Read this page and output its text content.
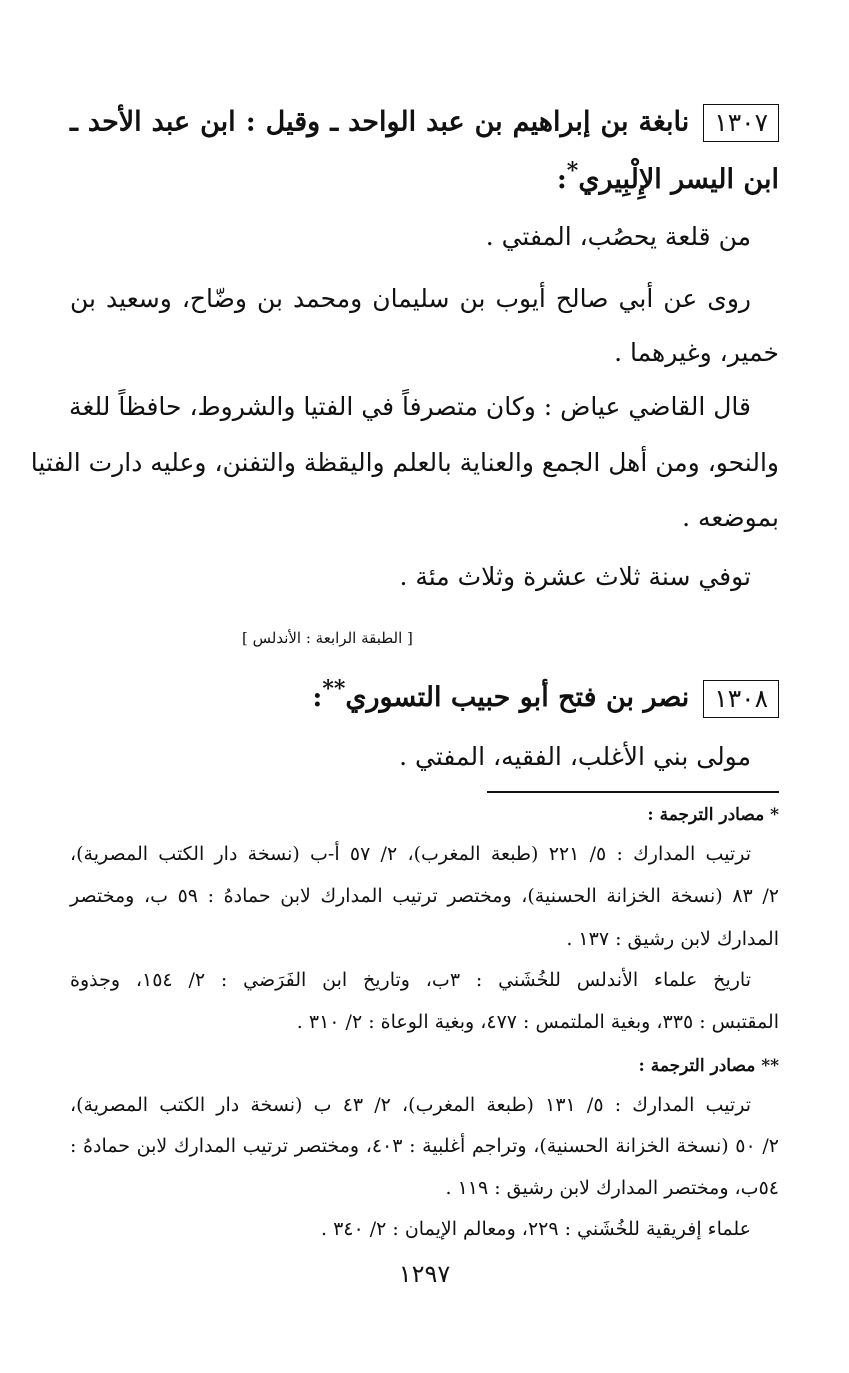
١٣٠٧نابغة بن إبراهيم بن عبد الواحد ـ وقيل : ابن عبد الأحد ـ
ابن اليسر الإِلْبِيري*:
من قلعة يحصُب، المفتي .
روى عن أبي صالح أيوب بن سليمان ومحمد بن وضّاح، وسعيد بن
خمير، وغيرهما .
قال القاضي عياض : وكان متصرفاً في الفتيا والشروط، حافظاً للغة
والنحو، ومن أهل الجمع والعناية بالعلم واليقظة والتفنن، وعليه دارت الفتيا
بموضعه .
توفي سنة ثلاث عشرة وثلاث مئة .
[ الطبقة الرابعة : الأندلس ]
١٣٠٨نصر بن فتح أبو حبيب التسوري**:
مولى بني الأغلب، الفقيه، المفتي .
* مصادر الترجمة :
ترتيب المدارك : ٥/ ٢٢١ (طبعة المغرب)، ٢/ ٥٧ أ-ب (نسخة دار الكتب المصرية)،
٢/ ٨٣ (نسخة الخزانة الحسنية)، ومختصر ترتيب المدارك لابن حمادهُ : ٥٩ ب، ومختصر
المدارك لابن رشيق : ١٣٧ .
تاريخ علماء الأندلس للخُشَني : ٣ب، وتاريخ ابن الفَرَضي : ٢/ ١٥٤، وجذوة
المقتبس : ٣٣٥، وبغية الملتمس : ٤٧٧، وبغية الوعاة : ٢/ ٣١٠ .
** مصادر الترجمة :
ترتيب المدارك : ٥/ ١٣١ (طبعة المغرب)، ٢/ ٤٣ ب (نسخة دار الكتب المصرية)،
٢/ ٥٠ (نسخة الخزانة الحسنية)، وتراجم أغلبية : ٤٠٣، ومختصر ترتيب المدارك لابن حمادهُ :
٥٤ب، ومختصر المدارك لابن رشيق : ١١٩ .
علماء إفريقية للخُشَني : ٢٢٩، ومعالم الإيمان : ٢/ ٣٤٠ .
١٢٩٧
